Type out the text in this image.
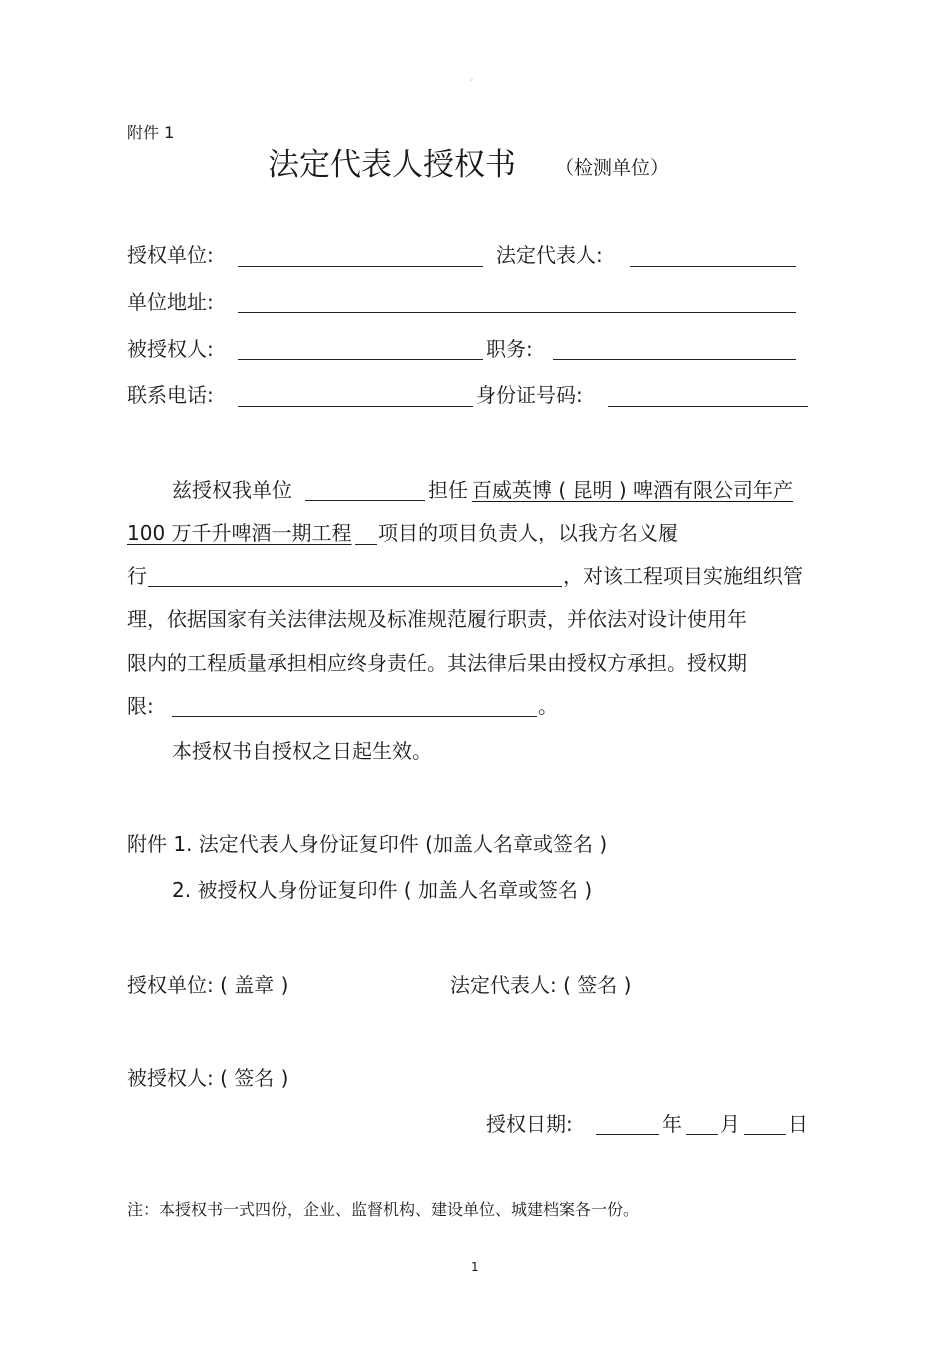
。
附件 1
法定代表人授权书 （检测单位）
授权单位:	法定代表人:
单位地址:
被授权人:	职务:
联系电话:	身份证号码:
兹授权我单位	担任 百威英博 ( 昆明 ) 啤酒有限公司年产
100 万千升啤酒一期工程 项目的项目负责人，以我方名义履
行	，对该工程项目实施组织管
理，依据国家有关法律法规及标准规范履行职责，并依法对设计使用年
限内的工程质量承担相应终身责任。其法律后果由授权方承担。授权期
限:	。
本授权书自授权之日起生效。
附件 1. 法定代表人身份证复印件 (加盖人名章或签名 )
2. 被授权人身份证复印件 ( 加盖人名章或签名 )
授权单位: ( 盖章 )	法定代表人: ( 签名 )
被授权人: ( 签名 )
授权日期:	年 月 日
注：本授权书一式四份，企业、监督机构、建设单位、城建档案各一份。
1
